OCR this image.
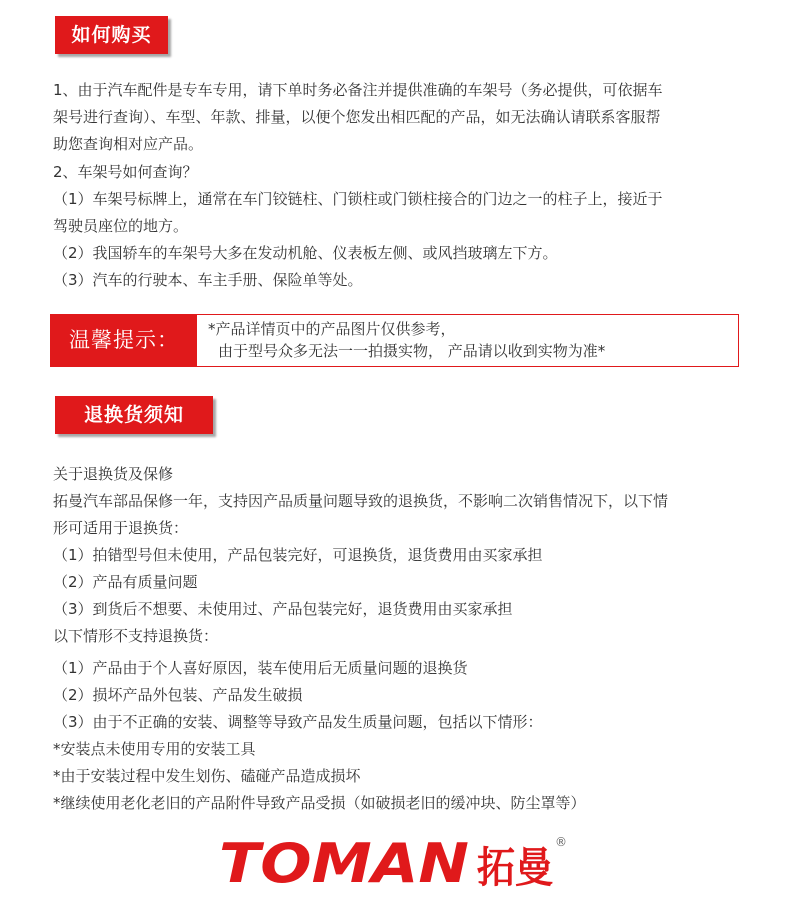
如何购买
1、由于汽车配件是专车专用，请下单时务必备注并提供准确的车架号（务必提供，可依据车
架号进行查询）、车型、年款、排量，以便个您发出相匹配的产品，如无法确认请联系客服帮
助您查询相对应产品。
2、车架号如何查询？
（1）车架号标牌上，通常在车门铰链柱、门锁柱或门锁柱接合的门边之一的柱子上，接近于
驾驶员座位的地方。
（2）我国轿车的车架号大多在发动机舱、仪表板左侧、或风挡玻璃左下方。
（3）汽车的行驶本、车主手册、保险单等处。
温馨提示：	*产品详情页中的产品图片仅供参考，
由于型号众多无法一一拍摄实物， 产品请以收到实物为准*
退换货须知
关于退换货及保修
拓曼汽车部品保修一年，支持因产品质量问题导致的退换货，不影响二次销售情况下，以下情
形可适用于退换货：
（1）拍错型号但未使用，产品包装完好，可退换货，退货费用由买家承担
（2）产品有质量问题
（3）到货后不想要、未使用过、产品包装完好，退货费用由买家承担
以下情形不支持退换货：
（1）产品由于个人喜好原因，装车使用后无质量问题的退换货
（2）损坏产品外包装、产品发生破损
（3）由于不正确的安装、调整等导致产品发生质量问题，包括以下情形：
*安装点未使用专用的安装工具
*由于安装过程中发生划伤、磕碰产品造成损坏
*继续使用老化老旧的产品附件导致产品受损（如破损老旧的缓冲块、防尘罩等）
TOMAN 拓曼
®
